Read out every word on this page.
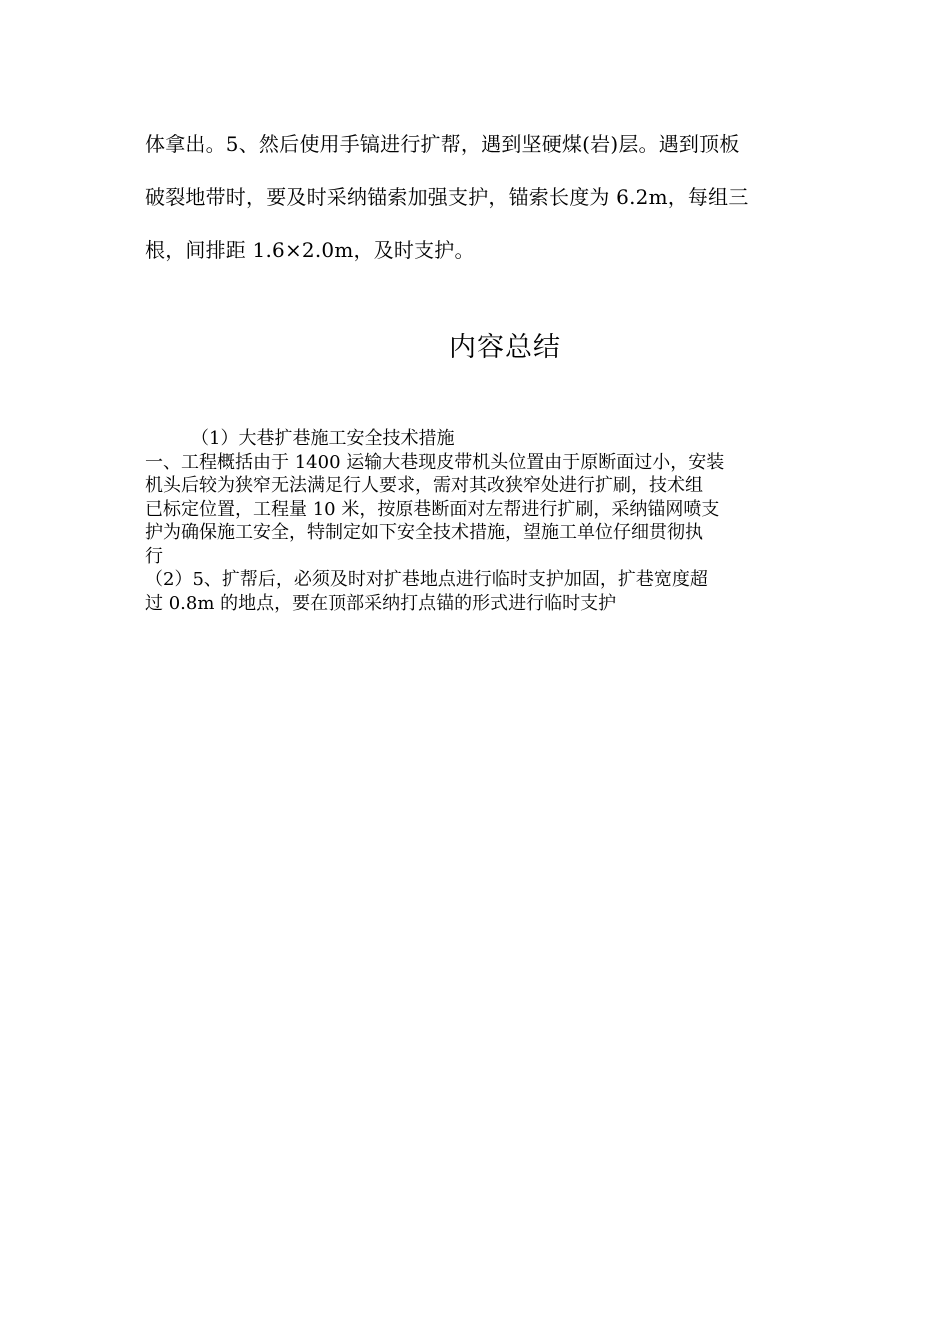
体拿出。5、然后使用手镐进行扩帮，遇到坚硬煤(岩)层。遇到顶板

破裂地带时，要及时采纳锚索加强支护，锚索长度为 6.2m，每组三

根，间排距 1.6×2.0m，及时支护。

内容总结

（1）大巷扩巷施工安全技术措施

一、工程概括由于 1400 运输大巷现皮带机头位置由于原断面过小，安装

机头后较为狭窄无法满足行人要求，需对其改狭窄处进行扩刷，技术组

已标定位置，工程量 10 米，按原巷断面对左帮进行扩刷，采纳锚网喷支

护为确保施工安全，特制定如下安全技术措施，望施工单位仔细贯彻执

行

（2）5、扩帮后，必须及时对扩巷地点进行临时支护加固，扩巷宽度超

过 0.8m 的地点，要在顶部采纳打点锚的形式进行临时支护
